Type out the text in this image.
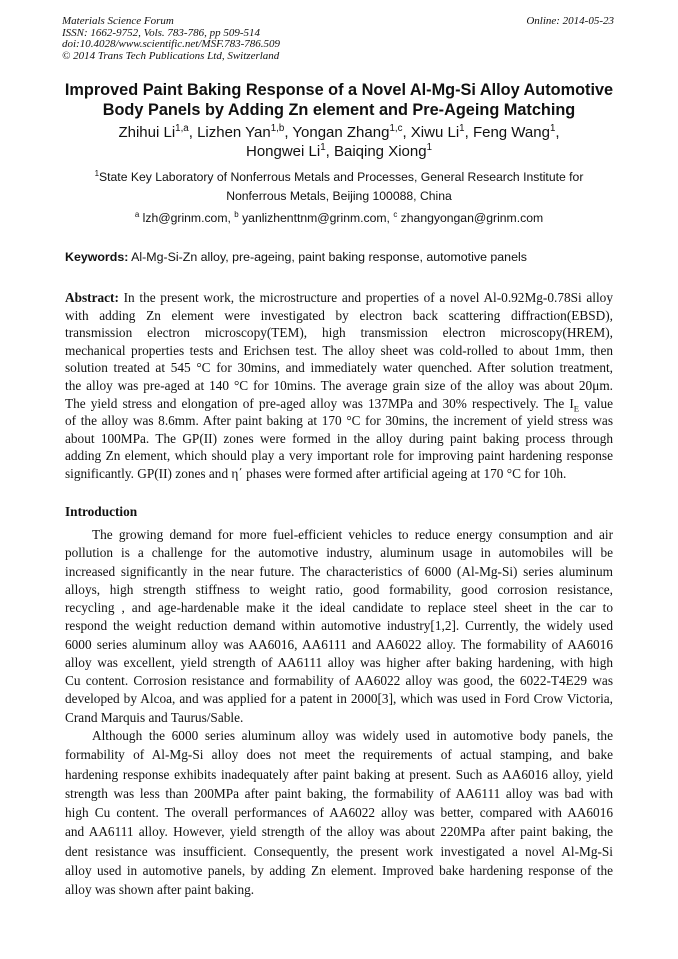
Materials Science Forum
ISSN: 1662-9752, Vols. 783-786, pp 509-514
doi:10.4028/www.scientific.net/MSF.783-786.509
© 2014 Trans Tech Publications Ltd, Switzerland
Online: 2014-05-23
Improved Paint Baking Response of a Novel Al-Mg-Si Alloy Automotive
Body Panels by Adding Zn element and Pre-Ageing Matching
Zhihui Li$^{1,a}$, Lizhen Yan$^{1,b}$, Yongan Zhang$^{1,c}$, Xiwu Li$^1$, Feng Wang$^1$,
Hongwei Li$^1$, Baiqing Xiong$^1$
$^1$State Key Laboratory of Nonferrous Metals and Processes, General Research Institute for
Nonferrous Metals, Beijing 100088, China
$^a$ lzh@grinm.com, $^b$ yanlizhenttnm@grinm.com, $^c$ zhangyongan@grinm.com
Keywords: Al-Mg-Si-Zn alloy, pre-ageing, paint baking response, automotive panels
Abstract: In the present work, the microstructure and properties of a novel Al-0.92Mg-0.78Si alloy
with adding Zn element were investigated by electron back scattering diffraction(EBSD),
transmission electron microscopy(TEM), high transmission electron microscopy(HREM),
mechanical properties tests and Erichsen test. The alloy sheet was cold-rolled to about 1mm, then
solution treated at 545 °C for 30mins, and immediately water quenched. After solution treatment,
the alloy was pre-aged at 140 °C for 10mins. The average grain size of the alloy was about 20μm.
The yield stress and elongation of pre-aged alloy was 137MPa and 30% respectively. The $I_E$ value
of the alloy was 8.6mm. After paint baking at 170 °C for 30mins, the increment of yield stress was
about 100MPa. The GP(II) zones were formed in the alloy during paint baking process through
adding Zn element, which should play a very important role for improving paint hardening response
significantly. GP(II) zones and η΄ phases were formed after artificial ageing at 170 °C for 10h.
Introduction
The growing demand for more fuel-efficient vehicles to reduce energy consumption and air
pollution is a challenge for the automotive industry, aluminum usage in automobiles will be
increased significantly in the near future. The characteristics of 6000 (Al-Mg-Si) series aluminum
alloys, high strength stiffness to weight ratio, good formability, good corrosion resistance,
recycling , and age-hardenable make it the ideal candidate to replace steel sheet in the car to
respond the weight reduction demand within automotive industry[1,2]. Currently, the widely used
6000 series aluminum alloy was AA6016, AA6111 and AA6022 alloy. The formability of AA6016
alloy was excellent, yield strength of AA6111 alloy was higher after baking hardening, with high
Cu content. Corrosion resistance and formability of AA6022 alloy was good, the 6022-T4E29 was
developed by Alcoa, and was applied for a patent in 2000[3], which was used in Ford Crow Victoria,
Crand Marquis and Taurus/Sable.
Although the 6000 series aluminum alloy was widely used in automotive body panels, the
formability of Al-Mg-Si alloy does not meet the requirements of actual stamping, and bake
hardening response exhibits inadequately after paint baking at present. Such as AA6016 alloy, yield
strength was less than 200MPa after paint baking, the formability of AA6111 alloy was bad with
high Cu content. The overall performances of AA6022 alloy was better, compared with AA6016
and AA6111 alloy. However, yield strength of the alloy was about 220MPa after paint baking, the
dent resistance was insufficient. Consequently, the present work investigated a novel Al-Mg-Si
alloy used in automotive panels, by adding Zn element. Improved bake hardening response of the
alloy was shown after paint baking.
